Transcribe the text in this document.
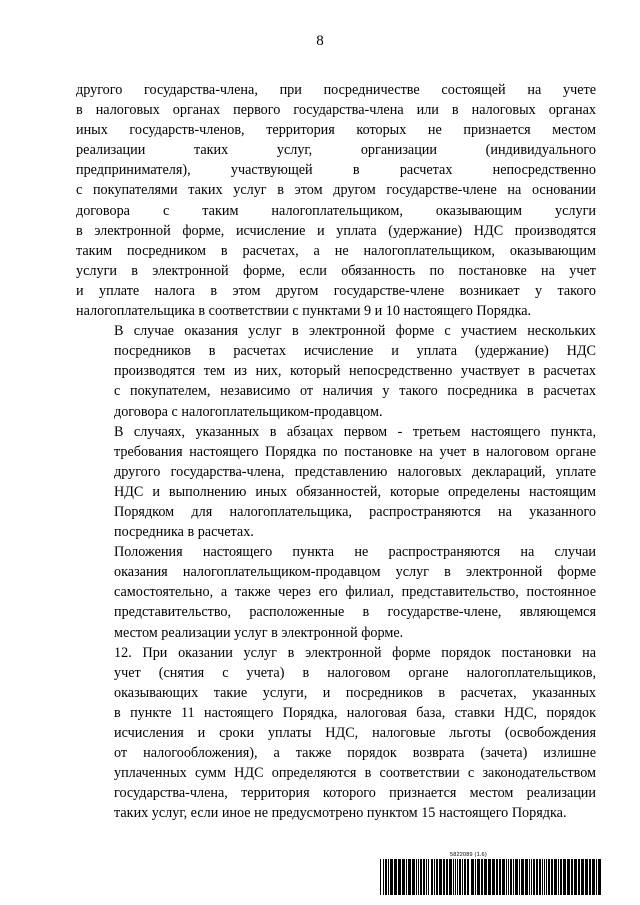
8

другого государства-члена, при посредничестве состоящей на учете
в налоговых органах первого государства-члена или в налоговых органах
иных государств-членов, территория которых не признается местом
реализации таких услуг, организации (индивидуального
предпринимателя), участвующей в расчетах непосредственно
с покупателями таких услуг в этом другом государстве-члене на основании
договора с таким налогоплательщиком, оказывающим услуги
в электронной форме, исчисление и уплата (удержание) НДС производятся
таким посредником в расчетах, а не налогоплательщиком, оказывающим
услуги в электронной форме, если обязанность по постановке на учет
и уплате налога в этом другом государстве-члене возникает у такого
налогоплательщика в соответствии с пунктами 9 и 10 настоящего Порядка.

В случае оказания услуг в электронной форме с участием нескольких
посредников в расчетах исчисление и уплата (удержание) НДС
производятся тем из них, который непосредственно участвует в расчетах
с покупателем, независимо от наличия у такого посредника в расчетах
договора с налогоплательщиком-продавцом.

В случаях, указанных в абзацах первом - третьем настоящего пункта,
требования настоящего Порядка по постановке на учет в налоговом органе
другого государства-члена, представлению налоговых деклараций, уплате
НДС и выполнению иных обязанностей, которые определены настоящим
Порядком для налогоплательщика, распространяются на указанного
посредника в расчетах.

Положения настоящего пункта не распространяются на случаи
оказания налогоплательщиком-продавцом услуг в электронной форме
самостоятельно, а также через его филиал, представительство, постоянное
представительство, расположенные в государстве-члене, являющемся
местом реализации услуг в электронной форме.

12. При оказании услуг в электронной форме порядок постановки на
учет (снятия с учета) в налоговом органе налогоплательщиков,
оказывающих такие услуги, и посредников в расчетах, указанных
в пункте 11 настоящего Порядка, налоговая база, ставки НДС, порядок
исчисления и сроки уплаты НДС, налоговые льготы (освобождения
от налогообложения), а также порядок возврата (зачета) излишне
уплаченных сумм НДС определяются в соответствии с законодательством
государства-члена, территория которого признается местом реализации
таких услуг, если иное не предусмотрено пунктом 15 настоящего Порядка.

5822089 (1.6)
